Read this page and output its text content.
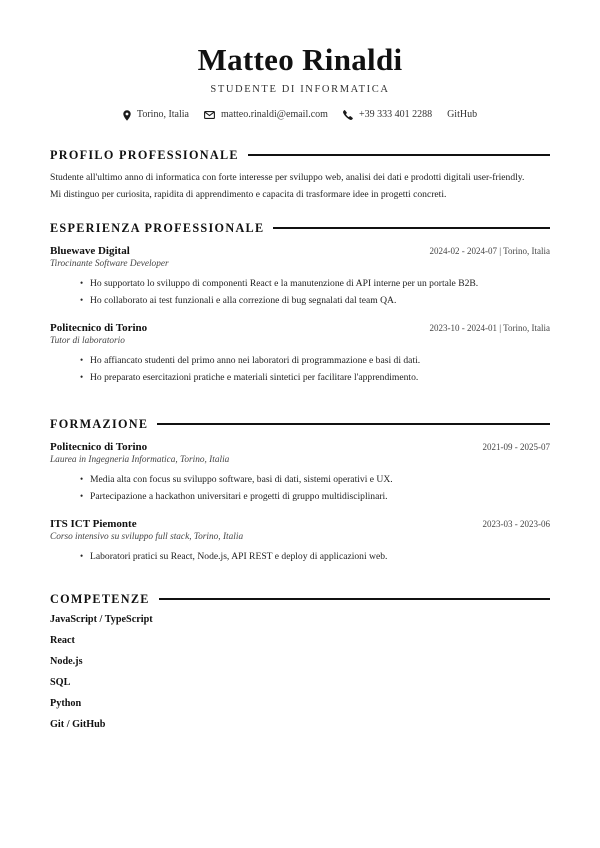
Matteo Rinaldi
STUDENTE DI INFORMATICA
Torino, Italia	matteo.rinaldi@email.com	+39 333 401 2288 GitHub
PROFILO PROFESSIONALE
Studente all'ultimo anno di informatica con forte interesse per sviluppo web, analisi dei dati e prodotti digitali user-friendly.
Mi distinguo per curiosita, rapidita di apprendimento e capacita di trasformare idee in progetti concreti.
ESPERIENZA PROFESSIONALE
Bluewave Digital	2024-02 - 2024-07 | Torino, Italia
Tirocinante Software Developer
• Ho supportato lo sviluppo di componenti React e la manutenzione di API interne per un portale B2B.
• Ho collaborato ai test funzionali e alla correzione di bug segnalati dal team QA.
Politecnico di Torino	2023-10 - 2024-01 | Torino, Italia
Tutor di laboratorio
• Ho affiancato studenti del primo anno nei laboratori di programmazione e basi di dati.
• Ho preparato esercitazioni pratiche e materiali sintetici per facilitare l'apprendimento.
FORMAZIONE
Politecnico di Torino	2021-09 - 2025-07
Laurea in Ingegneria Informatica, Torino, Italia
• Media alta con focus su sviluppo software, basi di dati, sistemi operativi e UX.
• Partecipazione a hackathon universitari e progetti di gruppo multidisciplinari.
ITS ICT Piemonte	2023-03 - 2023-06
Corso intensivo su sviluppo full stack, Torino, Italia
• Laboratori pratici su React, Node.js, API REST e deploy di applicazioni web.
COMPETENZE
JavaScript / TypeScript
React
Node.js
SQL
Python
Git / GitHub
